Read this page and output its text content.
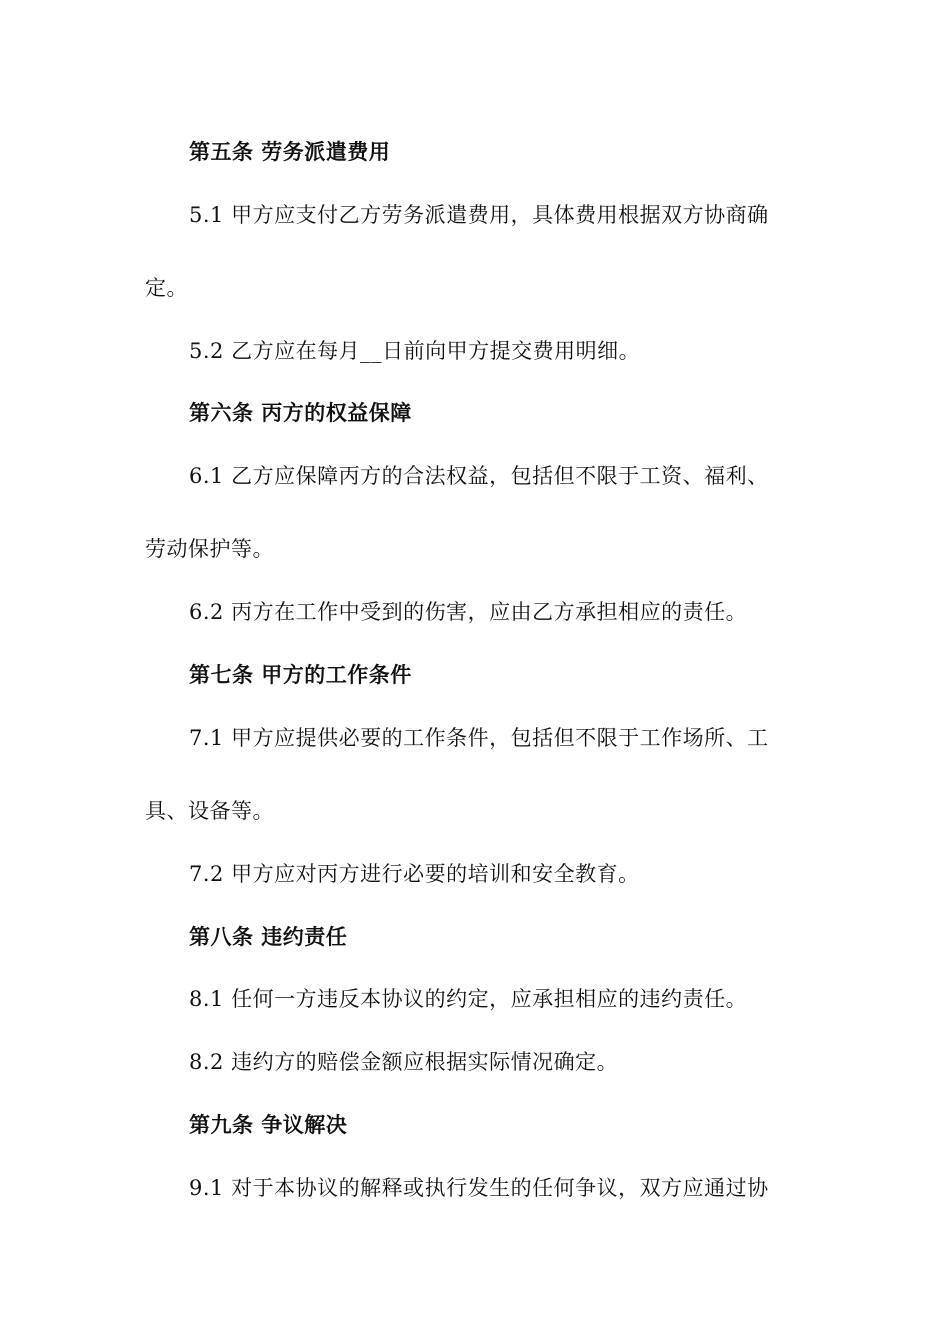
第五条 劳务派遣费用
5.1 甲方应支付乙方劳务派遣费用，具体费用根据双方协商确
定。
5.2 乙方应在每月__日前向甲方提交费用明细。
第六条 丙方的权益保障
6.1 乙方应保障丙方的合法权益，包括但不限于工资、福利、
劳动保护等。
6.2 丙方在工作中受到的伤害，应由乙方承担相应的责任。
第七条 甲方的工作条件
7.1 甲方应提供必要的工作条件，包括但不限于工作场所、工
具、设备等。
7.2 甲方应对丙方进行必要的培训和安全教育。
第八条 违约责任
8.1 任何一方违反本协议的约定，应承担相应的违约责任。
8.2 违约方的赔偿金额应根据实际情况确定。
第九条 争议解决
9.1 对于本协议的解释或执行发生的任何争议，双方应通过协
